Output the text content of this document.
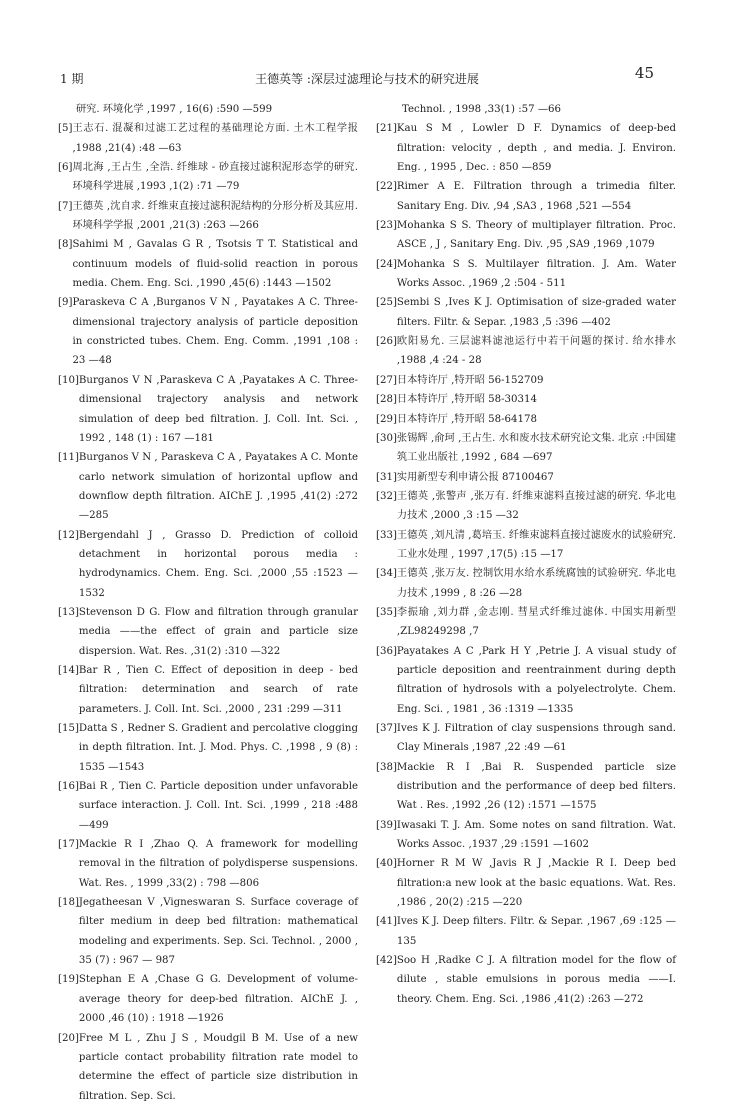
1 期	王德英等 :深层过滤理论与技术的研究进展	45
研究. 环境化学 ,1997 , 16(6) :590 —599
[5] 王志石. 混凝和过滤工艺过程的基础理论方面. 土木工程学报 ,1988 ,21(4) :48 —63
[6] 周北海 ,王占生 ,全浩. 纤维球 - 砂直接过滤积泥形态学的研究. 环境科学进展 ,1993 ,1(2) :71 —79
[7] 王德英 ,沈自求. 纤维束直接过滤积泥结构的分形分析及其应用. 环境科学学报 ,2001 ,21(3) :263 —266
[8] Sahimi M , Gavalas G R , Tsotsis T T. Statistical and continuum models of fluid-solid reaction in porous media. Chem. Eng. Sci. ,1990 ,45(6) :1443 —1502
[9] Paraskeva C A ,Burganos V N , Payatakes A C. Three-dimensional trajectory analysis of particle deposition in constricted tubes. Chem. Eng. Comm. ,1991 ,108 : 23 —48
[10] Burganos V N ,Paraskeva C A ,Payatakes A C. Three-dimensional trajectory analysis and network simulation of deep bed filtration. J. Coll. Int. Sci. , 1992 , 148 (1) : 167 —181
[11] Burganos V N , Paraskeva C A , Payatakes A C. Monte carlo network simulation of horizontal upflow and downflow depth filtration. AIChE J. ,1995 ,41(2) :272 —285
[12] Bergendahl J , Grasso D. Prediction of colloid detachment in horizontal porous media : hydrodynamics. Chem. Eng. Sci. ,2000 ,55 :1523 —1532
[13] Stevenson D G. Flow and filtration through granular media ——the effect of grain and particle size dispersion. Wat. Res. ,31(2) :310 —322
[14] Bar R , Tien C. Effect of deposition in deep - bed filtration: determination and search of rate parameters. J. Coll. Int. Sci. ,2000 , 231 :299 —311
[15] Datta S , Redner S. Gradient and percolative clogging in depth filtration. Int. J. Mod. Phys. C. ,1998 , 9 (8) : 1535 —1543
[16] Bai R , Tien C. Particle deposition under unfavorable surface interaction. J. Coll. Int. Sci. ,1999 , 218 :488 —499
[17] Mackie R I ,Zhao Q. A framework for modelling removal in the filtration of polydisperse suspensions. Wat. Res. , 1999 ,33(2) : 798 —806
[18] Jegatheesan V ,Vigneswaran S. Surface coverage of filter medium in deep bed filtration: mathematical modeling and experiments. Sep. Sci. Technol. , 2000 , 35 (7) : 967 — 987
[19] Stephan E A ,Chase G G. Development of volume-average theory for deep-bed filtration. AIChE J. , 2000 ,46 (10) : 1918 —1926
[20] Free M L , Zhu J S , Moudgil B M. Use of a new particle contact probability filtration rate model to determine the effect of particle size distribution in filtration. Sep. Sci.
Technol. , 1998 ,33(1) :57 —66
[21] Kau S M , Lowler D F. Dynamics of deep-bed filtration: velocity , depth , and media. J. Environ. Eng. , 1995 , Dec. : 850 —859
[22] Rimer A E. Filtration through a trimedia filter. Sanitary Eng. Div. ,94 ,SA3 , 1968 ,521 —554
[23] Mohanka S S. Theory of multiplayer filtration. Proc. ASCE , J , Sanitary Eng. Div. ,95 ,SA9 ,1969 ,1079
[24] Mohanka S S. Multilayer filtration. J. Am. Water Works Assoc. ,1969 ,2 :504 - 511
[25] Sembi S ,Ives K J. Optimisation of size-graded water filters. Filtr. & Separ. ,1983 ,5 :396 —402
[26] 欧阳易允. 三层滤料滤池运行中若干问题的探讨. 给水排水 ,1988 ,4 :24 - 28
[27] 日本特许厅 ,特开昭 56-152709
[28] 日本特许厅 ,特开昭 58-30314
[29] 日本特许厅 ,特开昭 58-64178
[30] 张锡辉 ,俞珂 ,王占生. 水和废水技术研究论文集. 北京 :中国建筑工业出版社 ,1992 , 684 —697
[31] 实用新型专利申请公报 87100467
[32] 王德英 ,张警声 ,张万有. 纤维束滤料直接过滤的研究. 华北电力技术 ,2000 ,3 :15 —32
[33] 王德英 ,刘凡清 ,葛培玉. 纤维束滤料直接过滤废水的试验研究. 工业水处理 , 1997 ,17(5) :15 —17
[34] 王德英 ,张万友. 控制饮用水给水系统腐蚀的试验研究. 华北电力技术 ,1999 , 8 :26 —28
[35] 李振瑜 ,刘力群 ,金志刚. 彗星式纤维过滤体. 中国实用新型 ,ZL98249298 ,7
[36] Payatakes A C ,Park H Y ,Petrie J. A visual study of particle deposition and reentrainment during depth filtration of hydrosols with a polyelectrolyte. Chem. Eng. Sci. , 1981 , 36 :1319 —1335
[37] Ives K J. Filtration of clay suspensions through sand. Clay Minerals ,1987 ,22 :49 —61
[38] Mackie R I ,Bai R. Suspended particle size distribution and the performance of deep bed filters. Wat . Res. ,1992 ,26 (12) :1571 —1575
[39] Iwasaki T. J. Am. Some notes on sand filtration. Wat. Works Assoc. ,1937 ,29 :1591 —1602
[40] Horner R M W ,Javis R J ,Mackie R I. Deep bed filtration:a new look at the basic equations. Wat. Res. ,1986 , 20(2) :215 —220
[41] Ives K J. Deep filters. Filtr. & Separ. ,1967 ,69 :125 — 135
[42] Soo H ,Radke C J. A filtration model for the flow of dilute , stable emulsions in porous media ——I. theory. Chem. Eng. Sci. ,1986 ,41(2) :263 —272
